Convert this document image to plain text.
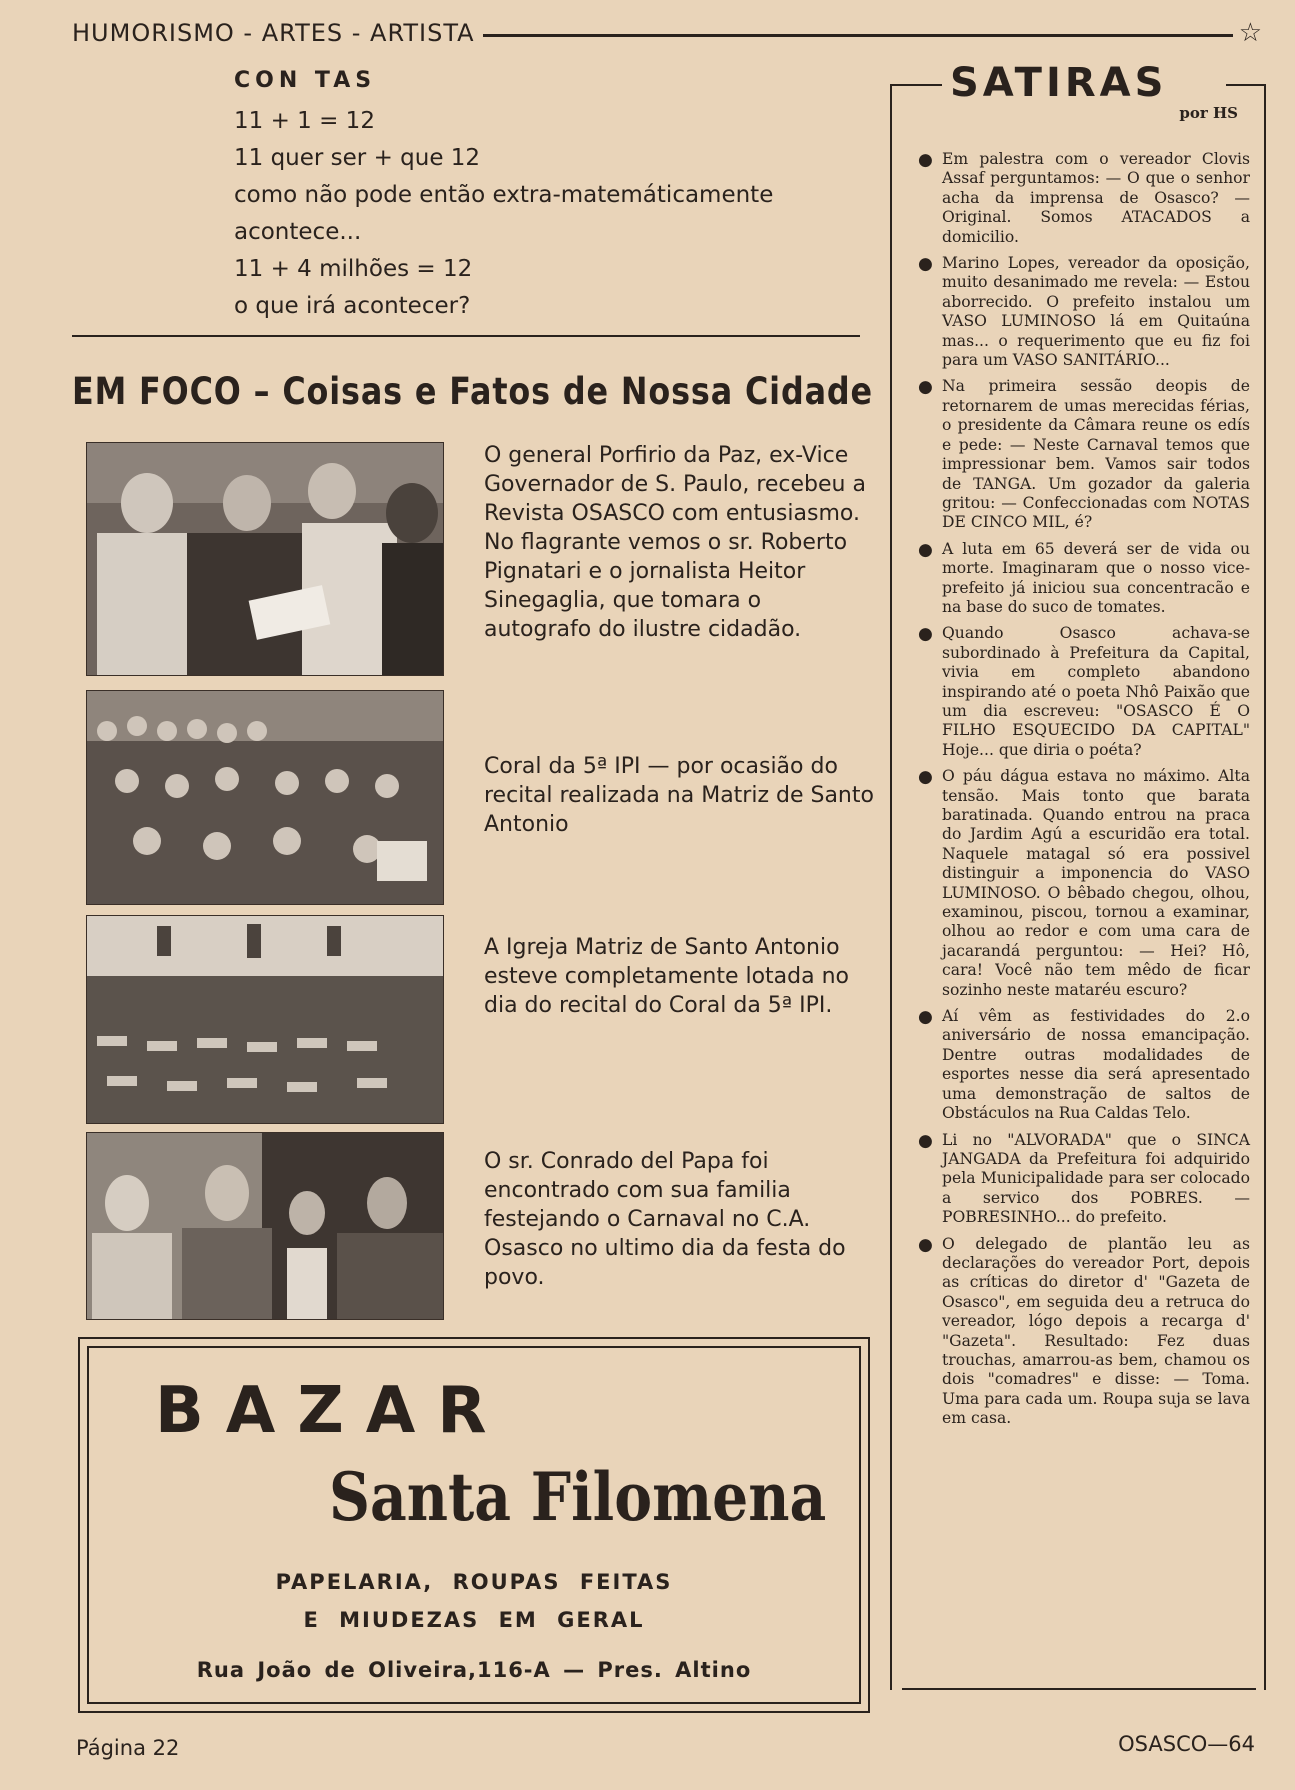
HUMORISMO - ARTES - ARTISTA	☆
CON TAS
11 + 1 = 12
11 quer ser + que 12
como não pode então extra-matemáticamente
acontece...
11 + 4 milhões = 12
o que irá acontecer?
EM FOCO – Coisas e Fatos de Nossa Cidade
O general Porfirio da Paz, ex-Vice Governador de S. Paulo, recebeu a Revista OSASCO com entusiasmo. No flagrante vemos o sr. Roberto Pignatari e o jornalista Heitor Sinegaglia, que tomara o autografo do ilustre cidadão.
Coral da 5ª IPI — por ocasião do recital realizada na Matriz de Santo Antonio
A Igreja Matriz de Santo Antonio esteve completamente lotada no dia do recital do Coral da 5ª IPI.
O sr. Conrado del Papa foi encontrado com sua familia festejando o Carnaval no C.A. Osasco no ultimo dia da festa do povo.
BAZAR
Santa Filomena
PAPELARIA, ROUPAS FEITAS
E MIUDEZAS EM GERAL
Rua João de Oliveira,116-A — Pres. Altino
SATIRAS
por HS
● Em palestra com o vereador Clovis Assaf perguntamos: — O que o senhor acha da imprensa de Osasco? — Original. Somos ATACADOS a domicilio.
● Marino Lopes, vereador da oposição, muito desanimado me revela: — Estou aborrecido. O prefeito instalou um VASO LUMINOSO lá em Quitaúna mas... o requerimento que eu fiz foi para um VASO SANITÁRIO...
● Na primeira sessão deopis de retornarem de umas merecidas férias, o presidente da Câmara reune os edís e pede: — Neste Carnaval temos que impressionar bem. Vamos sair todos de TANGA. Um gozador da galeria gritou: — Confeccionadas com NOTAS DE CINCO MIL, é?
● A luta em 65 deverá ser de vida ou morte. Imaginaram que o nosso vice-prefeito já iniciou sua concentracão e na base do suco de tomates.
● Quando Osasco achava-se subordinado à Prefeitura da Capital, vivia em completo abandono inspirando até o poeta Nhô Paixão que um dia escreveu: "OSASCO É O FILHO ESQUECIDO DA CAPITAL" Hoje... que diria o poéta?
● O páu dágua estava no máximo. Alta tensão. Mais tonto que barata baratinada. Quando entrou na praca do Jardim Agú a escuridão era total. Naquele matagal só era possivel distinguir a imponencia do VASO LUMINOSO. O bêbado chegou, olhou, examinou, piscou, tornou a examinar, olhou ao redor e com uma cara de jacarandá perguntou: — Hei? Hô, cara! Você não tem mêdo de ficar sozinho neste mataréu escuro?
● Aí vêm as festividades do 2.o aniversário de nossa emancipação. Dentre outras modalidades de esportes nesse dia será apresentado uma demonstração de saltos de Obstáculos na Rua Caldas Telo.
● Li no "ALVORADA" que o SINCA JANGADA da Prefeitura foi adquirido pela Municipalidade para ser colocado a servico dos POBRES. — POBRESINHO... do prefeito.
● O delegado de plantão leu as declarações do vereador Port, depois as críticas do diretor d' "Gazeta de Osasco", em seguida deu a retruca do vereador, lógo depois a recarga d' "Gazeta". Resultado: Fez duas trouchas, amarrou-as bem, chamou os dois "comadres" e disse: — Toma. Uma para cada um. Roupa suja se lava em casa.
Página 22	OSASCO—64
